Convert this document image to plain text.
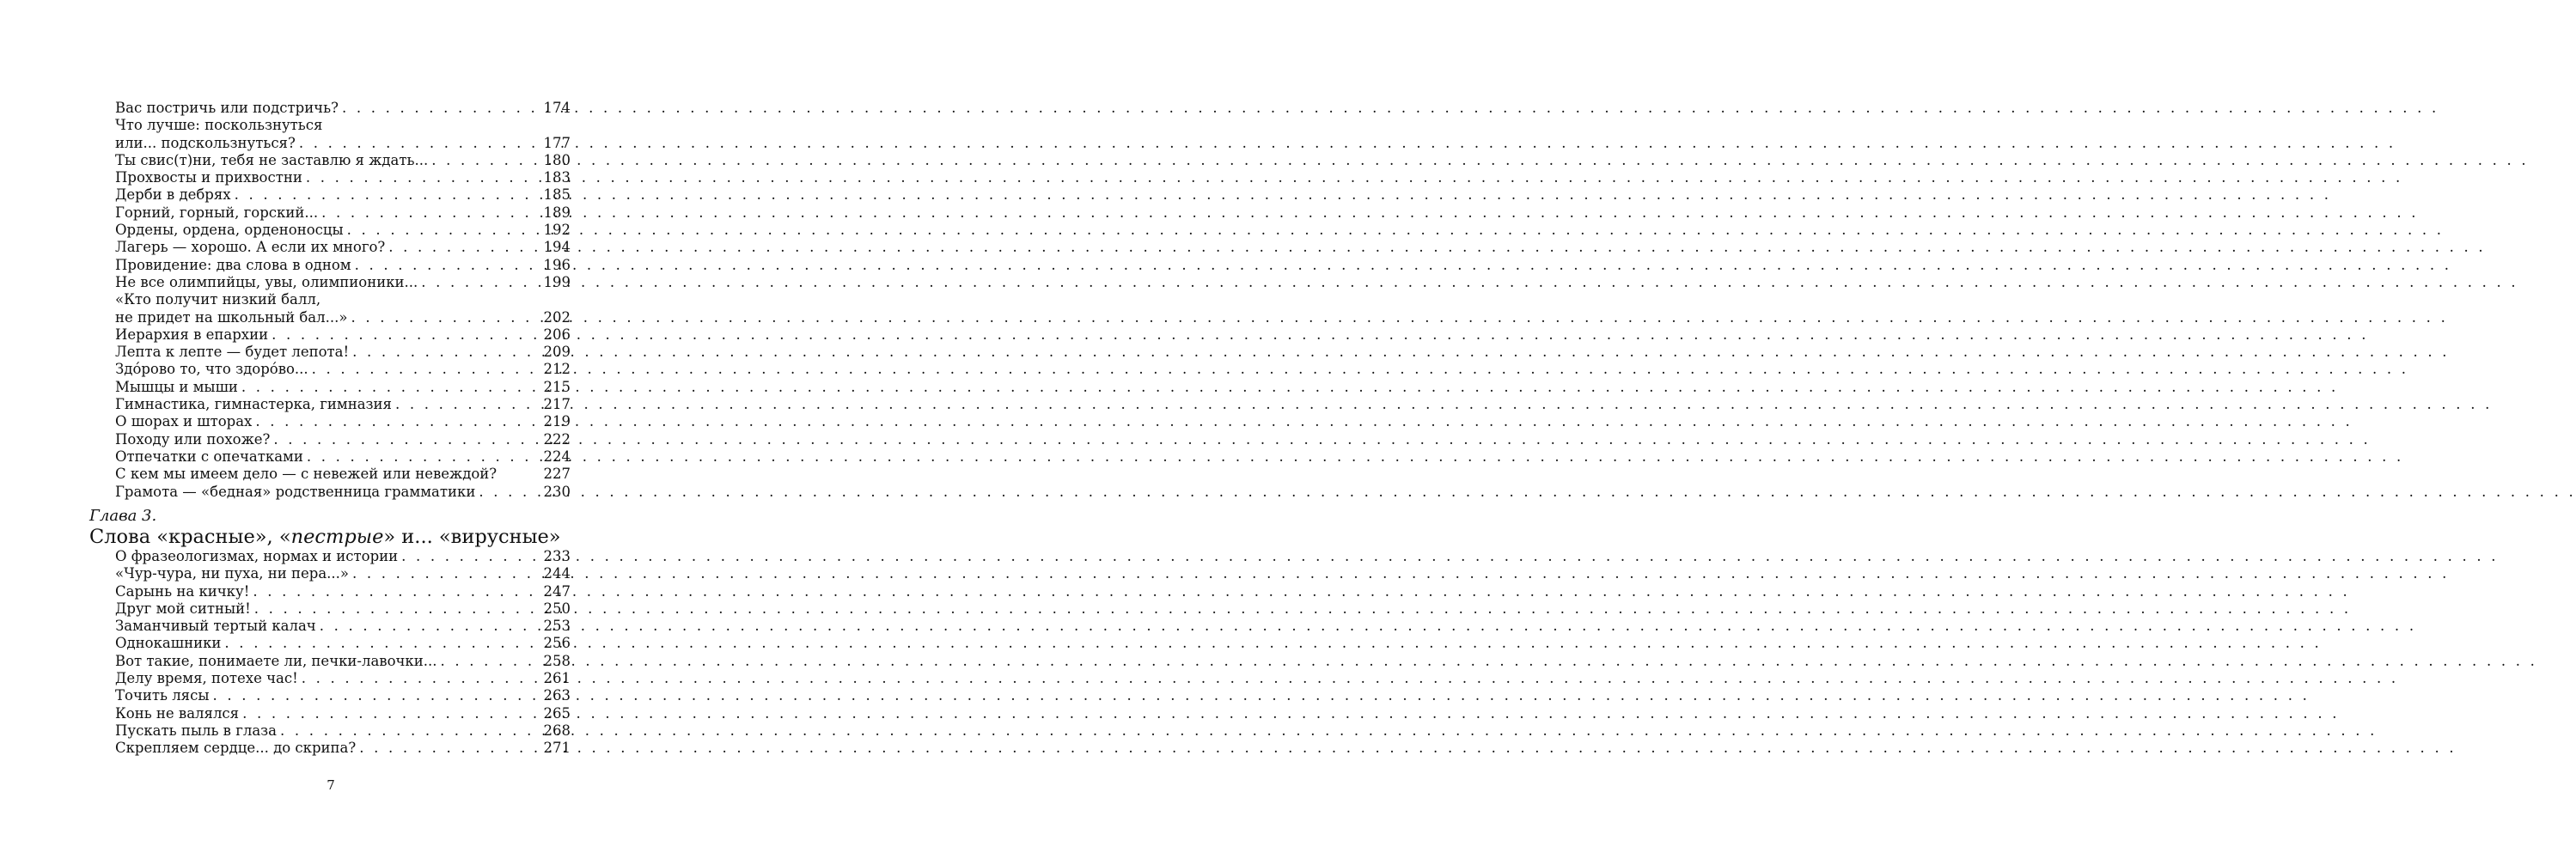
Вас постричь или подстричь? . . .	174
Что лучше: поскользнуться
или... подскользнуться? . . .	177
Ты свис(т)ни, тебя не заставлю я ждать... . . .	180
Прохвосты и прихвостни . . .	183
Дерби в дебрях . . .	185
Горний, горный, горский... . . .	189
Ордены, ордена, орденоносцы . . .	192
Лагерь — хорошо. А если их много? . . .	194
Провидение: два слова в одном . . .	196
Не все олимпийцы, увы, олимпионики... . . .	199
«Кто получит низкий балл,
не придет на школьный бал...» . . .	202
Иерархия в епархии . . .	206
Лепта к лепте — будет лепота! . . .	209
Здóрово то, что здорóво... . . .	212
Мышцы и мыши . . .	215
Гимнастика, гимнастерка, гимназия . . .	217
О шорах и шторах . . .	219
Походу или похоже? . . .	222
Отпечатки с опечатками . . .	224
С кем мы имеем дело — с невежей или невеждой?	227
Грамота — «бедная» родственница грамматики . . .	230
Глава 3.
Слова «красные», «пестрые» и... «вирусные»
О фразеологизмах, нормах и истории . . .	233
«Чур-чура, ни пуха, ни пера...» . . .	244
Сарынь на кичку! . . .	247
Друг мой ситный! . . .	250
Заманчивый тертый калач . . .	253
Однокашники . . .	256
Вот такие, понимаете ли, печки-лавочки... . . .	258
Делу время, потехе час! . . .	261
Точить лясы . . .	263
Конь не валялся . . .	265
Пускать пыль в глаза . . .	268
Скрепляем сердце... до скрипа? . . .	271
7
